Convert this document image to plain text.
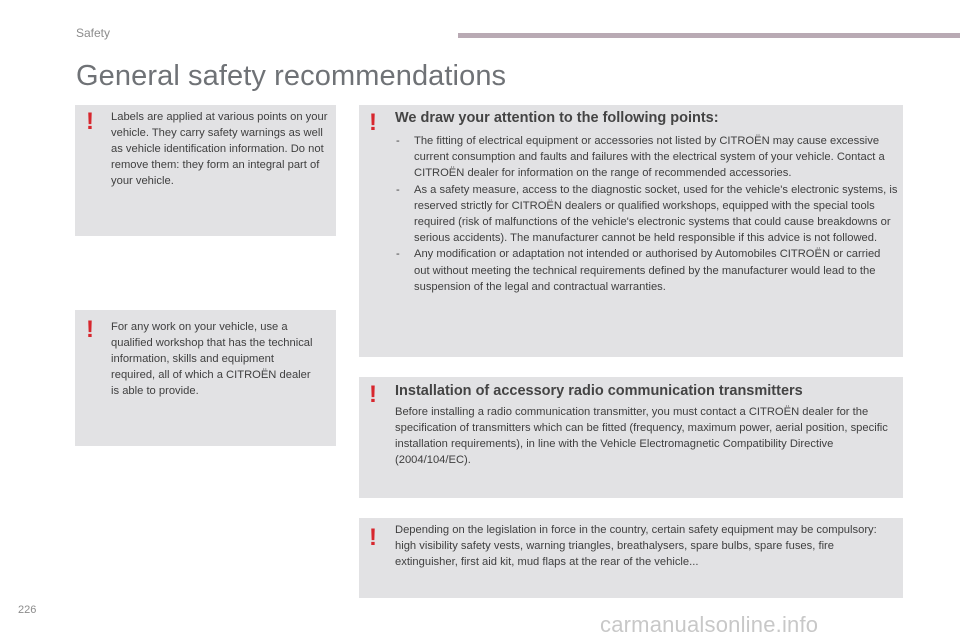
Safety
General safety recommendations
! Labels are applied at various points on your vehicle. They carry safety warnings as well as vehicle identification information. Do not remove them: they form an integral part of your vehicle.
! For any work on your vehicle, use a qualified workshop that has the technical information, skills and equipment required, all of which a CITROËN dealer is able to provide.
! We draw your attention to the following points:
- The fitting of electrical equipment or accessories not listed by CITROËN may cause excessive current consumption and faults and failures with the electrical system of your vehicle. Contact a CITROËN dealer for information on the range of recommended accessories.
- As a safety measure, access to the diagnostic socket, used for the vehicle's electronic systems, is reserved strictly for CITROËN dealers or qualified workshops, equipped with the special tools required (risk of malfunctions of the vehicle's electronic systems that could cause breakdowns or serious accidents). The manufacturer cannot be held responsible if this advice is not followed.
- Any modification or adaptation not intended or authorised by Automobiles CITROËN or carried out without meeting the technical requirements defined by the manufacturer would lead to the suspension of the legal and contractual warranties.
! Installation of accessory radio communication transmitters
Before installing a radio communication transmitter, you must contact a CITROËN dealer for the specification of transmitters which can be fitted (frequency, maximum power, aerial position, specific installation requirements), in line with the Vehicle Electromagnetic Compatibility Directive (2004/104/EC).
! Depending on the legislation in force in the country, certain safety equipment may be compulsory: high visibility safety vests, warning triangles, breathalysers, spare bulbs, spare fuses, fire extinguisher, first aid kit, mud flaps at the rear of the vehicle...
226
carmanualsonline.info
